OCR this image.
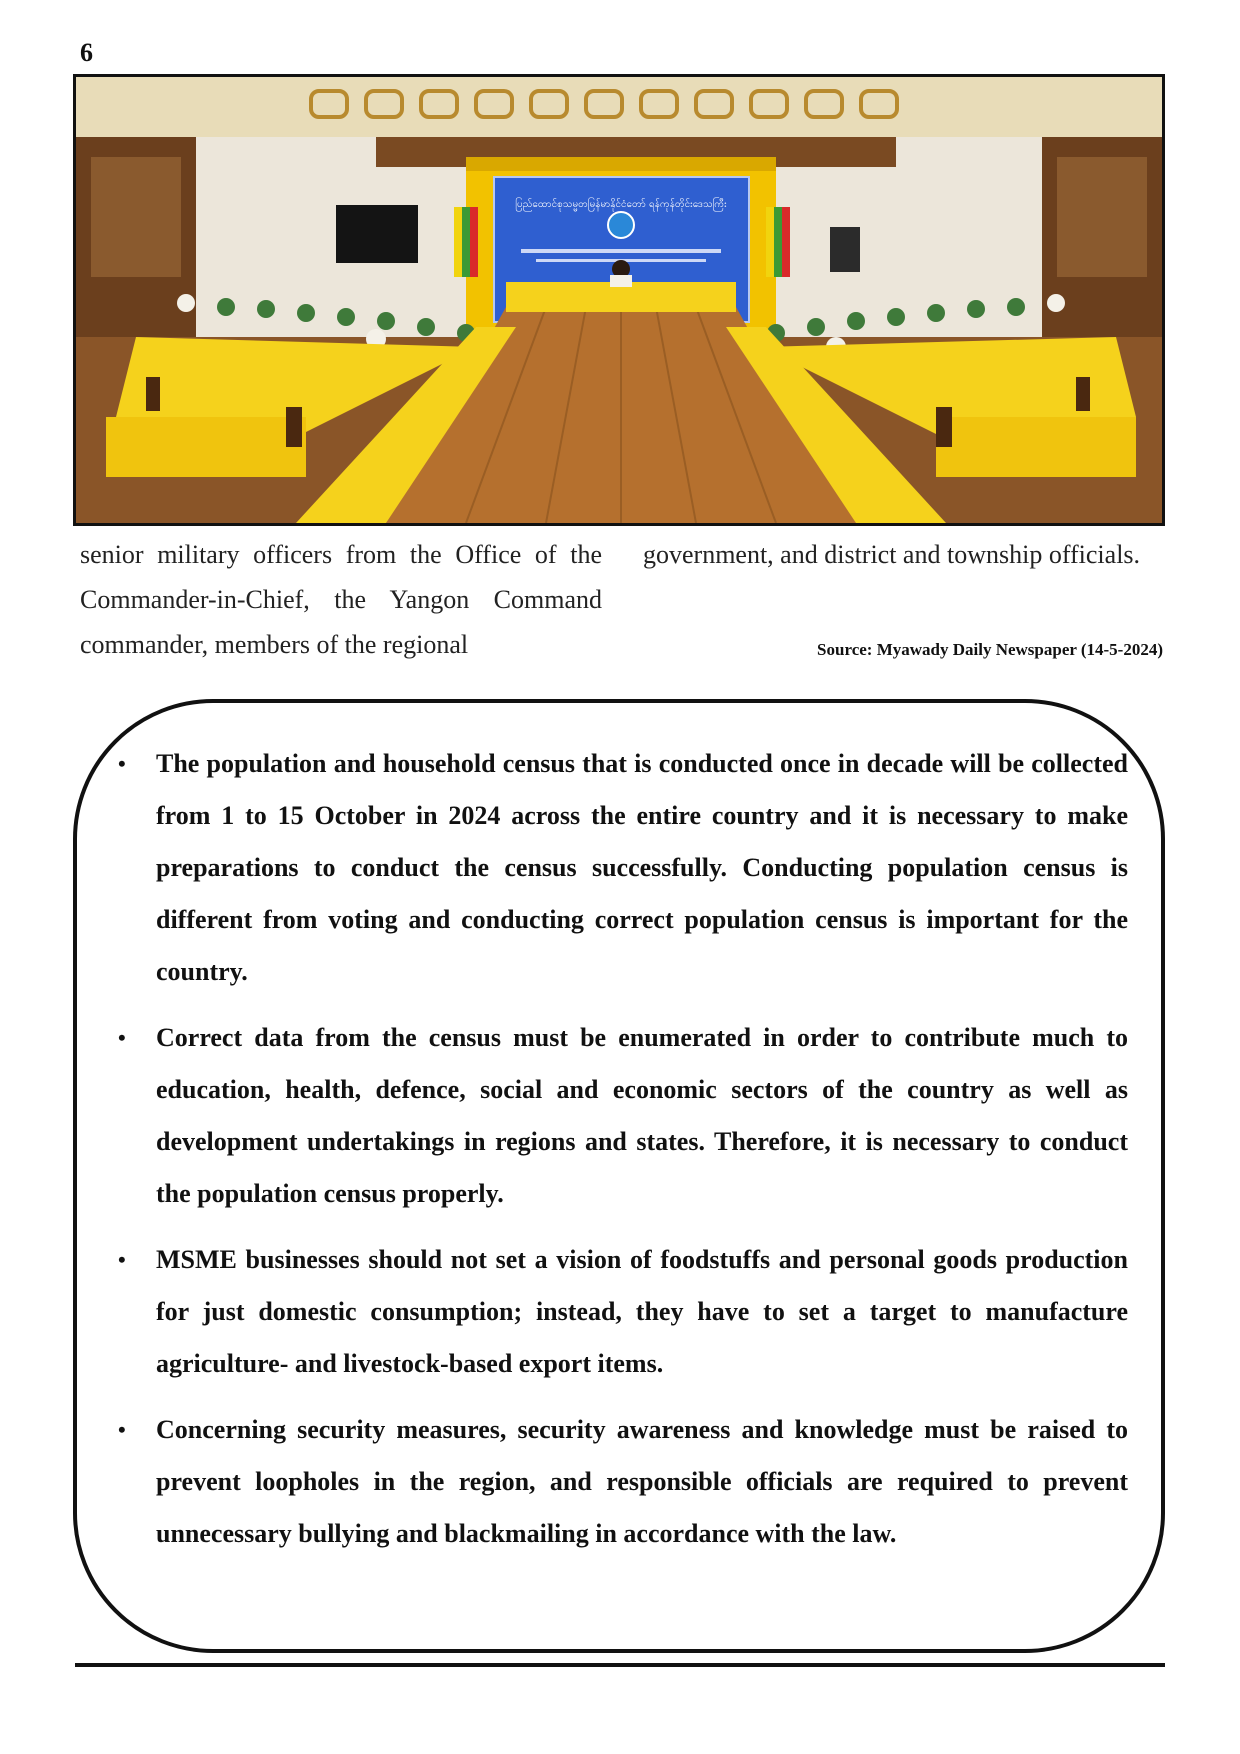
6
ပြည်ထောင်စုသမ္မတမြန်မာနိုင်ငံတော် ရန်ကုန်တိုင်းဒေသကြီး
senior military officers from the Office of the Commander-in-Chief, the Yangon Command commander, members of the regional
government, and district and township officials.
Source: Myawady Daily Newspaper (14-5-2024)
• The population and household census that is conducted once in decade will be collected from 1 to 15 October in 2024 across the entire country and it is necessary to make preparations to conduct the census successfully. Conducting population census is different from voting and conducting correct population census is important for the country.
• Correct data from the census must be enumerated in order to contribute much to education, health, defence, social and economic sectors of the country as well as development undertakings in regions and states. Therefore, it is necessary to conduct the population census properly.
• MSME businesses should not set a vision of foodstuffs and personal goods production for just domestic consumption; instead, they have to set a target to manufacture agriculture- and livestock-based export items.
• Concerning security measures, security awareness and knowledge must be raised to prevent loopholes in the region, and responsible officials are required to prevent unnecessary bullying and blackmailing in accordance with the law.
